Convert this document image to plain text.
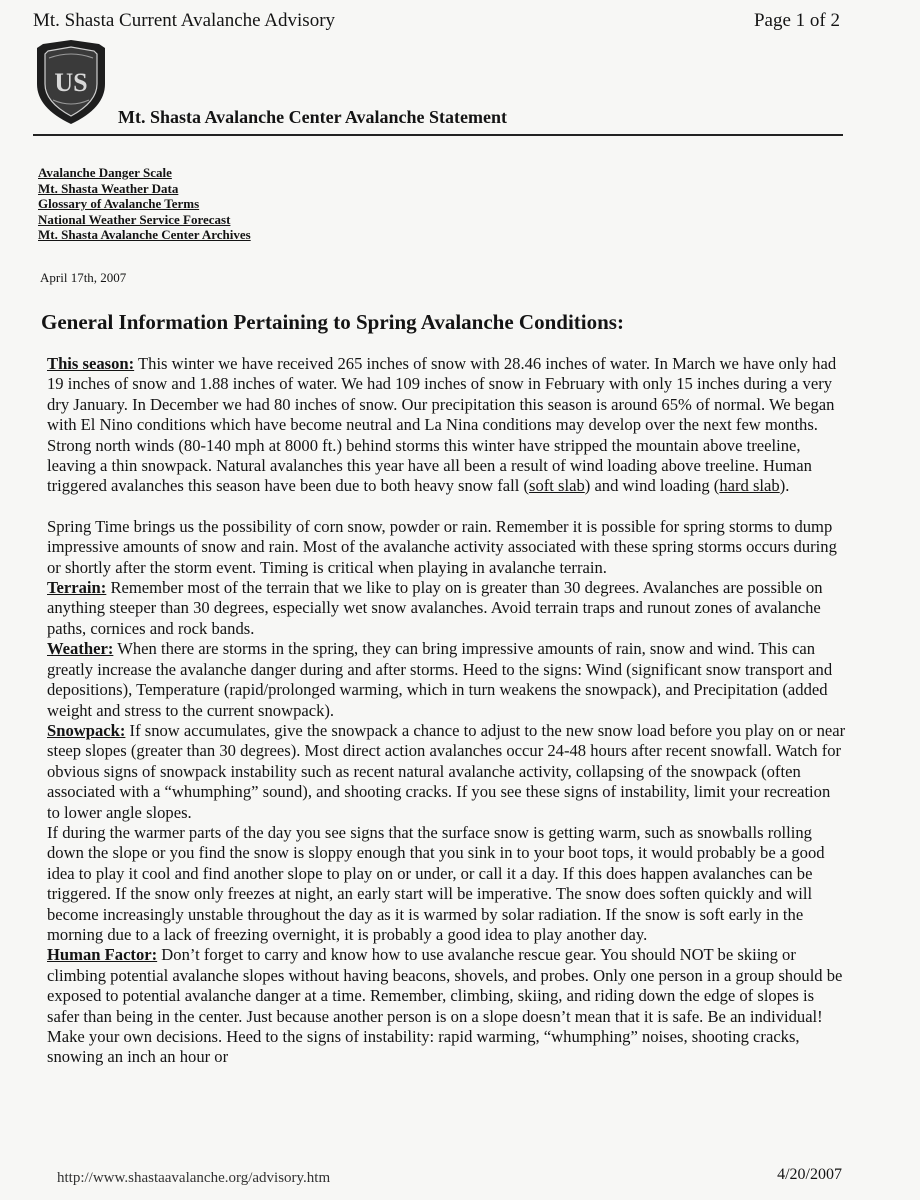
Mt. Shasta Current Avalanche Advisory	Page 1 of 2
US
Mt. Shasta Avalanche Center Avalanche Statement
Avalanche Danger Scale
Mt. Shasta Weather Data
Glossary of Avalanche Terms
National Weather Service Forecast
Mt. Shasta Avalanche Center Archives
April 17th, 2007
General Information Pertaining to Spring Avalanche Conditions:

This season: This winter we have received 265 inches of snow with 28.46 inches of water. In March we have only had 19 inches of snow and 1.88 inches of water. We had 109 inches of snow in February with only 15 inches during a very dry January. In December we had 80 inches of snow. Our precipitation this season is around 65% of normal. We began with El Nino conditions which have become neutral and La Nina conditions may develop over the next few months. Strong north winds (80-140 mph at 8000 ft.) behind storms this winter have stripped the mountain above treeline, leaving a thin snowpack. Natural avalanches this year have all been a result of wind loading above treeline. Human triggered avalanches this season have been due to both heavy snow fall (soft slab) and wind loading (hard slab).

Spring Time brings us the possibility of corn snow, powder or rain. Remember it is possible for spring storms to dump impressive amounts of snow and rain. Most of the avalanche activity associated with these spring storms occurs during or shortly after the storm event. Timing is critical when playing in avalanche terrain.

Terrain: Remember most of the terrain that we like to play on is greater than 30 degrees. Avalanches are possible on anything steeper than 30 degrees, especially wet snow avalanches. Avoid terrain traps and runout zones of avalanche paths, cornices and rock bands.

Weather: When there are storms in the spring, they can bring impressive amounts of rain, snow and wind. This can greatly increase the avalanche danger during and after storms. Heed to the signs: Wind (significant snow transport and depositions), Temperature (rapid/prolonged warming, which in turn weakens the snowpack), and Precipitation (added weight and stress to the current snowpack).

Snowpack: If snow accumulates, give the snowpack a chance to adjust to the new snow load before you play on or near steep slopes (greater than 30 degrees). Most direct action avalanches occur 24-48 hours after recent snowfall. Watch for obvious signs of snowpack instability such as recent natural avalanche activity, collapsing of the snowpack (often associated with a “whumphing” sound), and shooting cracks. If you see these signs of instability, limit your recreation to lower angle slopes.

If during the warmer parts of the day you see signs that the surface snow is getting warm, such as snowballs rolling down the slope or you find the snow is sloppy enough that you sink in to your boot tops, it would probably be a good idea to play it cool and find another slope to play on or under, or call it a day. If this does happen avalanches can be triggered. If the snow only freezes at night, an early start will be imperative. The snow does soften quickly and will become increasingly unstable throughout the day as it is warmed by solar radiation. If the snow is soft early in the morning due to a lack of freezing overnight, it is probably a good idea to play another day.

Human Factor: Don’t forget to carry and know how to use avalanche rescue gear. You should NOT be skiing or climbing potential avalanche slopes without having beacons, shovels, and probes. Only one person in a group should be exposed to potential avalanche danger at a time. Remember, climbing, skiing, and riding down the edge of slopes is safer than being in the center. Just because another person is on a slope doesn’t mean that it is safe. Be an individual! Make your own decisions. Heed to the signs of instability: rapid warming, “whumphing” noises, shooting cracks, snowing an inch an hour or

http://www.shastaavalanche.org/advisory.htm	4/20/2007
